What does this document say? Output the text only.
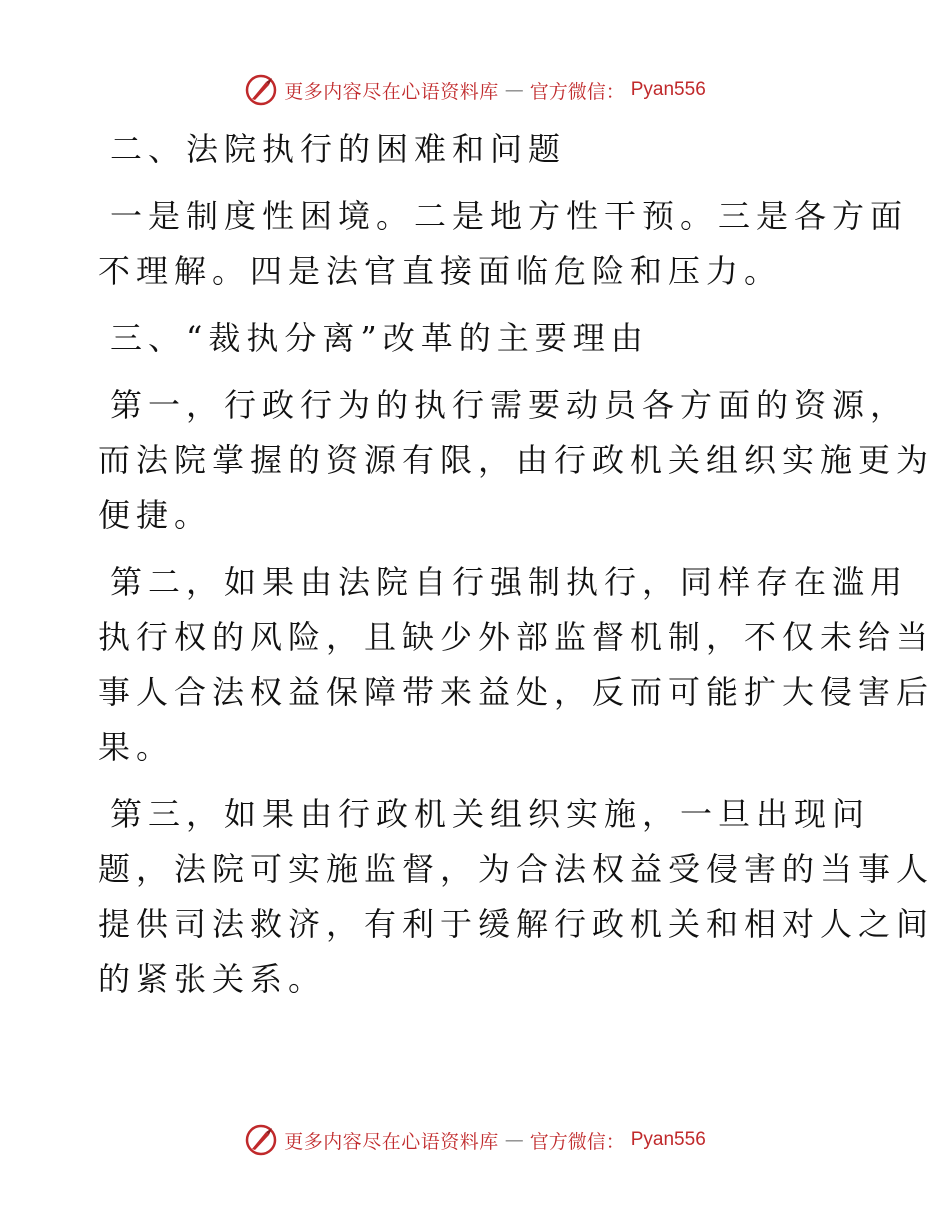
更多内容尽在心语资料库 — 官方微信： Pyan556

二、法院执行的困难和问题

一是制度性困境。二是地方性干预。三是各方面
不理解。四是法官直接面临危险和压力。

三、“裁执分离”改革的主要理由

第一，行政行为的执行需要动员各方面的资源，
而法院掌握的资源有限，由行政机关组织实施更为
便捷。

第二，如果由法院自行强制执行，同样存在滥用
执行权的风险，且缺少外部监督机制，不仅未给当
事人合法权益保障带来益处，反而可能扩大侵害后
果。

第三，如果由行政机关组织实施，一旦出现问
题，法院可实施监督，为合法权益受侵害的当事人
提供司法救济，有利于缓解行政机关和相对人之间
的紧张关系。

更多内容尽在心语资料库 — 官方微信： Pyan556
